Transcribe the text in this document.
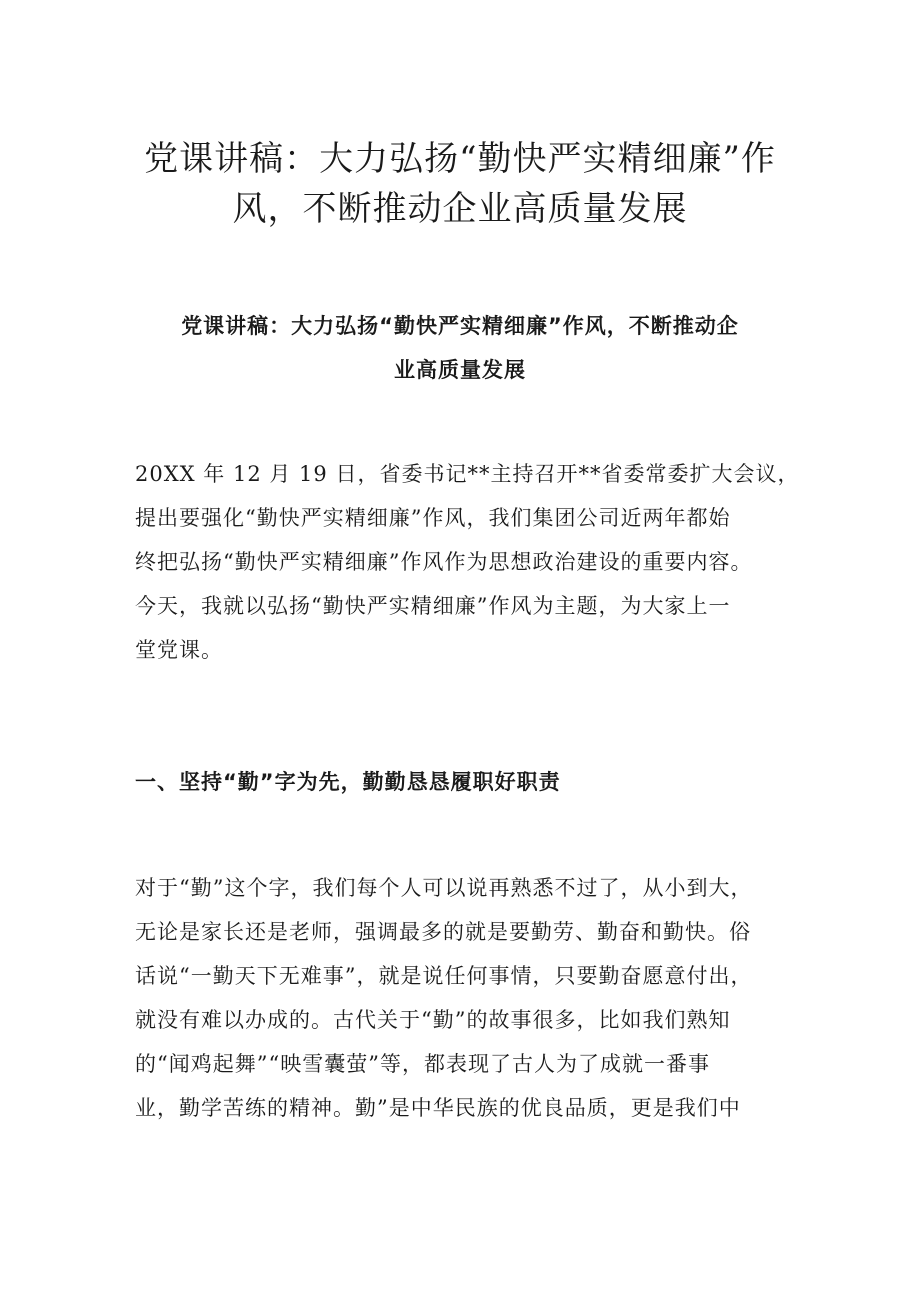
党课讲稿：大力弘扬“勤快严实精细廉”作
风，不断推动企业高质量发展
党课讲稿：大力弘扬“勤快严实精细廉”作风，不断推动企
业高质量发展

20XX 年 12 月 19 日，省委书记**主持召开**省委常委扩大会议，
提出要强化“勤快严实精细廉”作风，我们集团公司近两年都始
终把弘扬“勤快严实精细廉”作风作为思想政治建设的重要内容。
今天，我就以弘扬“勤快严实精细廉”作风为主题，为大家上一
堂党课。

一、坚持“勤”字为先，勤勤恳恳履职好职责

对于“勤”这个字，我们每个人可以说再熟悉不过了，从小到大，
无论是家长还是老师，强调最多的就是要勤劳、勤奋和勤快。俗
话说“一勤天下无难事”，就是说任何事情，只要勤奋愿意付出，
就没有难以办成的。古代关于“勤”的故事很多，比如我们熟知
的“闻鸡起舞”“映雪囊萤”等，都表现了古人为了成就一番事
业，勤学苦练的精神。勤”是中华民族的优良品质，更是我们中
